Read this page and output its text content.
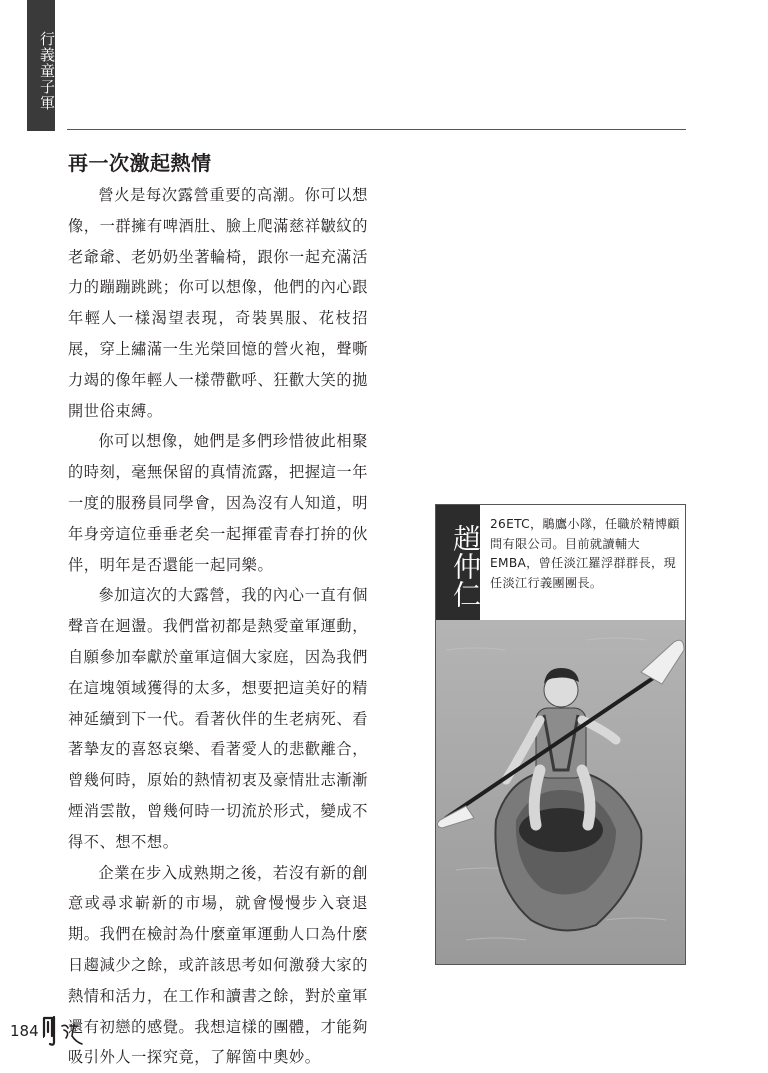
行義童子軍
再一次激起熱情

營火是每次露營重要的高潮。你可以想像，一群擁有啤酒肚、臉上爬滿慈祥皺紋的老爺爺、老奶奶坐著輪椅，跟你一起充滿活力的蹦蹦跳跳；你可以想像，他們的內心跟年輕人一樣渴望表現，奇裝異服、花枝招展，穿上繡滿一生光榮回憶的營火袍，聲嘶力竭的像年輕人一樣帶歡呼、狂歡大笑的拋開世俗束縛。

你可以想像，她們是多們珍惜彼此相聚的時刻，毫無保留的真情流露，把握這一年一度的服務員同學會，因為沒有人知道，明年身旁這位垂垂老矣一起揮霍青春打拚的伙伴，明年是否還能一起同樂。

參加這次的大露營，我的內心一直有個聲音在迴盪。我們當初都是熱愛童軍運動，自願參加奉獻於童軍這個大家庭，因為我們在這塊領域獲得的太多，想要把這美好的精神延續到下一代。看著伙伴的生老病死、看著摯友的喜怒哀樂、看著愛人的悲歡離合，曾幾何時，原始的熱情初衷及豪情壯志漸漸煙消雲散，曾幾何時一切流於形式，變成不得不、想不想。

企業在步入成熟期之後，若沒有新的創意或尋求嶄新的市場，就會慢慢步入衰退期。我們在檢討為什麼童軍運動人口為什麼日趨減少之餘，或許該思考如何激發大家的熱情和活力，在工作和讀書之餘，對於童軍還有初戀的感覺。我想這樣的團體，才能夠吸引外人一探究竟，了解箇中奧妙。

趙仲仁 26ETC，鵰鷹小隊，任職於精博顧問有限公司。目前就讀輔大EMBA，曾任淡江羅浮群群長，現任淡江行義團團長。
184
